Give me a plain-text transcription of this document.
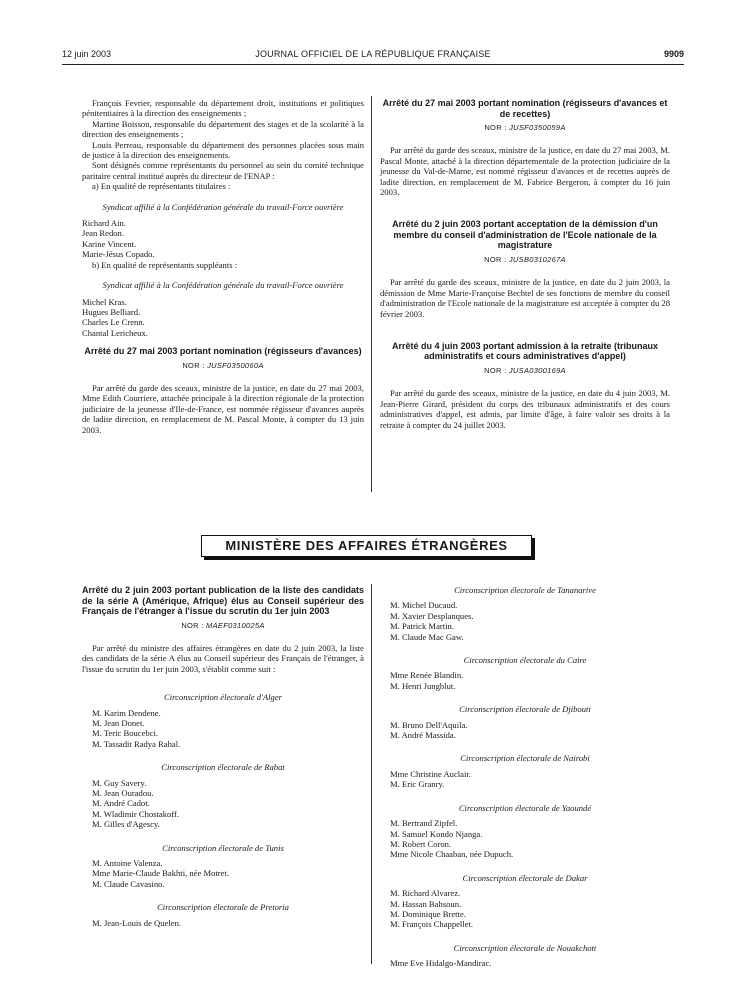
12 juin 2003	JOURNAL OFFICIEL DE LA RÉPUBLIQUE FRANÇAISE	9909

François Fevrier, responsable du département droit, institutions et politiques pénitentiaires à la direction des enseignements ;

Martine Boisson, responsable du département des stages et de la scolarité à la direction des enseignements ;

Louis Perreau, responsable du département des personnes placées sous main de justice à la direction des enseignements.

Sont désignés comme représentants du personnel au sein du comité technique paritaire central institué auprès du directeur de l'ENAP :

a) En qualité de représentants titulaires :

Syndicat affilié à la Confédération générale du travail-Force ouvrière

Richard Ain.

Jean Redon.

Karine Vincent.

Marie-Jésus Copado.

b) En qualité de représentants suppléants :

Syndicat affilié à la Confédération générale du travail-Force ouvrière

Michel Kras.

Hugues Belliard.

Charles Le Crenn.

Chantal Lericheux.

Arrêté du 27 mai 2003 portant nomination (régisseurs d'avances)

NOR : JUSF0350060A

Par arrêté du garde des sceaux, ministre de la justice, en date du 27 mai 2003, Mme Edith Courriere, attachée principale à la direction régionale de la protection judiciaire de la jeunesse d'Ile-de-France, est nommée régisseur d'avances auprès de ladite direction, en remplacement de M. Pascal Monte, à compter du 13 juin 2003.

Arrêté du 27 mai 2003 portant nomination (régisseurs d'avances et de recettes)

NOR : JUSF0350059A

Par arrêté du garde des sceaux, ministre de la justice, en date du 27 mai 2003, M. Pascal Monte, attaché à la direction départementale de la protection judiciaire de la jeunesse du Val-de-Marne, est nommé régisseur d'avances et de recettes auprès de ladite direction, en remplacement de M. Fabrice Bergeron, à compter du 16 juin 2003.

Arrêté du 2 juin 2003 portant acceptation de la démission d'un membre du conseil d'administration de l'Ecole nationale de la magistrature

NOR : JUSB0310267A

Par arrêté du garde des sceaux, ministre de la justice, en date du 2 juin 2003, la démission de Mme Marie-Françoise Bechtel de ses fonctions de membre du conseil d'administration de l'Ecole nationale de la magistrature est acceptée à compter du 28 février 2003.

Arrêté du 4 juin 2003 portant admission à la retraite (tribunaux administratifs et cours administratives d'appel)

NOR : JUSA0300169A

Par arrêté du garde des sceaux, ministre de la justice, en date du 4 juin 2003, M. Jean-Pierre Girard, président du corps des tribunaux administratifs et des cours administratives d'appel, est admis, par limite d'âge, à faire valoir ses droits à la retraite à compter du 24 juillet 2003.

MINISTÈRE DES AFFAIRES ÉTRANGÈRES

Arrêté du 2 juin 2003 portant publication de la liste des candidats de la série A (Amérique, Afrique) élus au Conseil supérieur des Français de l'étranger à l'issue du scrutin du 1er juin 2003

NOR : MAEF0310025A

Par arrêté du ministre des affaires étrangères en date du 2 juin 2003, la liste des candidats de la série A élus au Conseil supérieur des Français de l'étranger, à l'issue du scrutin du 1er juin 2003, s'établit comme suit :

Circonscription électorale d'Alger

M. Karim Dendene.

M. Jean Donet.

M. Teric Boucebci.

M. Tassadit Radya Rahal.

Circonscription électorale de Rabat

M. Guy Savery.

M. Jean Ouradou.

M. André Cadot.

M. Wladimir Chostakoff.

M. Gilles d'Agescy.

Circonscription électorale de Tunis

M. Antoine Valenza.

Mme Marie-Claude Bakhti, née Motret.

M. Claude Cavasino.

Circonscription électorale de Pretoria

M. Jean-Louis de Quelen.

Circonscription électorale de Tananarive

M. Michel Ducaud.

M. Xavier Desplanques.

M. Patrick Martin.

M. Claude Mac Gaw.

Circonscription électorale du Caire

Mme Renée Blandin.

M. Henri Jungblut.

Circonscription électorale de Djibouti

M. Bruno Dell'Aquila.

M. André Massida.

Circonscription électorale de Nairobi

Mme Christine Auclair.

M. Eric Granry.

Circonscription électorale de Yaoundé

M. Bertrand Zipfel.

M. Samuel Kondo Njanga.

M. Robert Coron.

Mme Nicole Chaaban, née Dupuch.

Circonscription électorale de Dakar

M. Richard Alvarez.

M. Hassan Bahsoun.

M. Dominique Brette.

M. François Chappellet.

Circonscription électorale de Nouakchott

Mme Eve Hidalgo-Mandirac.
